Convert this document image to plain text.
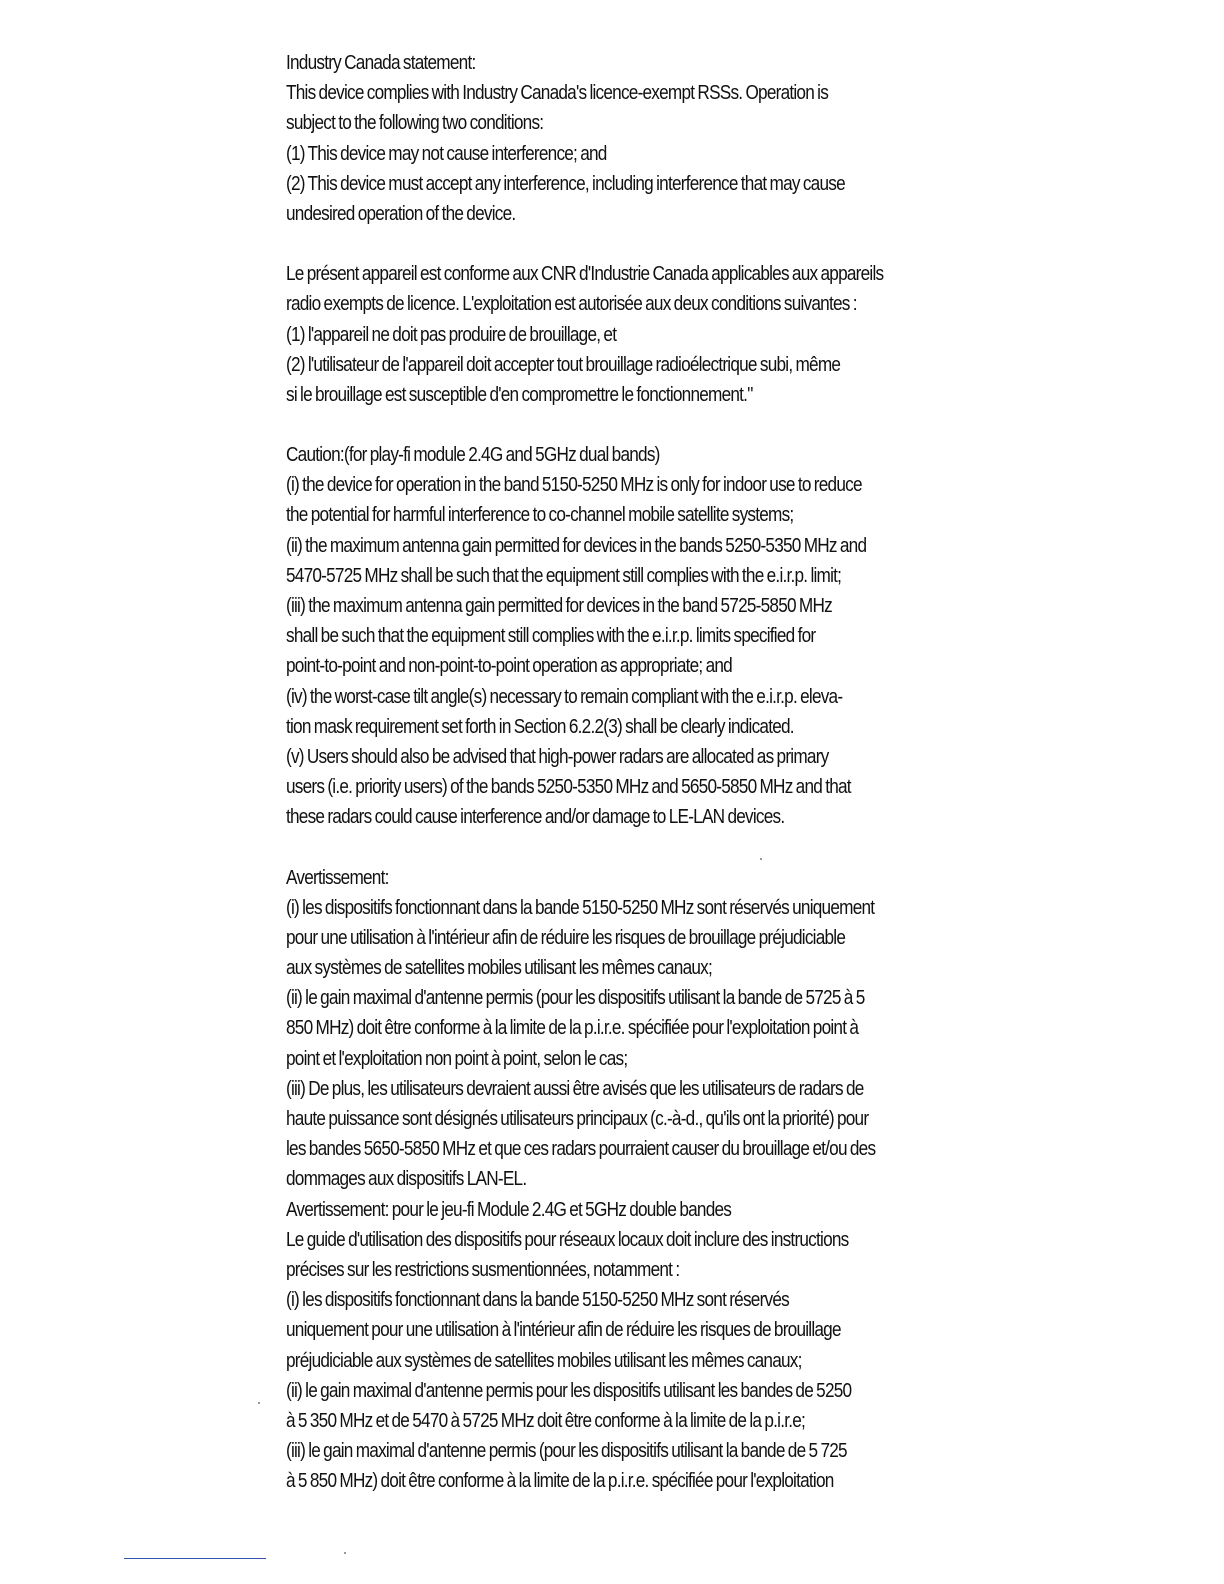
Industry Canada statement:
This device complies with Industry Canada's licence-exempt RSSs. Operation is
subject to the following two conditions:
(1) This device may not cause interference; and
(2) This device must accept any interference, including interference that may cause
undesired operation of the device.
Le présent appareil est conforme aux CNR d'Industrie Canada applicables aux appareils
radio exempts de licence. L'exploitation est autorisée aux deux conditions suivantes :
(1) l'appareil ne doit pas produire de brouillage, et
(2) l'utilisateur de l'appareil doit accepter tout brouillage radioélectrique subi, même
si le brouillage est susceptible d'en compromettre le fonctionnement."
Caution:(for play-fi module 2.4G and 5GHz dual bands)
(i) the device for operation in the band 5150-5250 MHz is only for indoor use to reduce
the potential for harmful interference to co-channel mobile satellite systems;
(ii) the maximum antenna gain permitted for devices in the bands 5250-5350 MHz and
5470-5725 MHz shall be such that the equipment still complies with the e.i.r.p. limit;
(iii) the maximum antenna gain permitted for devices in the band 5725-5850 MHz
shall be such that the equipment still complies with the e.i.r.p. limits specified for
point-to-point and non-point-to-point operation as appropriate; and
(iv) the worst-case tilt angle(s) necessary to remain compliant with the e.i.r.p. eleva-
tion mask requirement set forth in Section 6.2.2(3) shall be clearly indicated.
(v) Users should also be advised that high-power radars are allocated as primary
users (i.e. priority users) of the bands 5250-5350 MHz and 5650-5850 MHz and that
these radars could cause interference and/or damage to LE-LAN devices.
Avertissement:
(i) les dispositifs fonctionnant dans la bande 5150-5250 MHz sont réservés uniquement
pour une utilisation à l'intérieur afin de réduire les risques de brouillage préjudiciable
aux systèmes de satellites mobiles utilisant les mêmes canaux;
(ii) le gain maximal d'antenne permis (pour les dispositifs utilisant la bande de 5725 à 5
850 MHz) doit être conforme à la limite de la p.i.r.e. spécifiée pour l'exploitation point à
point et l'exploitation non point à point, selon le cas;
(iii) De plus, les utilisateurs devraient aussi être avisés que les utilisateurs de radars de
haute puissance sont désignés utilisateurs principaux (c.-à-d., qu'ils ont la priorité) pour
les bandes 5650-5850 MHz et que ces radars pourraient causer du brouillage et/ou des
dommages aux dispositifs LAN-EL.
Avertissement: pour le jeu-fi Module 2.4G et 5GHz double bandes
Le guide d'utilisation des dispositifs pour réseaux locaux doit inclure des instructions
précises sur les restrictions susmentionnées, notamment :
(i) les dispositifs fonctionnant dans la bande 5150-5250 MHz sont réservés
uniquement pour une utilisation à l'intérieur afin de réduire les risques de brouillage
préjudiciable aux systèmes de satellites mobiles utilisant les mêmes canaux;
(ii) le gain maximal d'antenne permis pour les dispositifs utilisant les bandes de 5250
à 5 350 MHz et de 5470 à 5725 MHz doit être conforme à la limite de la p.i.r.e;
(iii) le gain maximal d'antenne permis (pour les dispositifs utilisant la bande de 5 725
à 5 850 MHz) doit être conforme à la limite de la p.i.r.e. spécifiée pour l'exploitation
